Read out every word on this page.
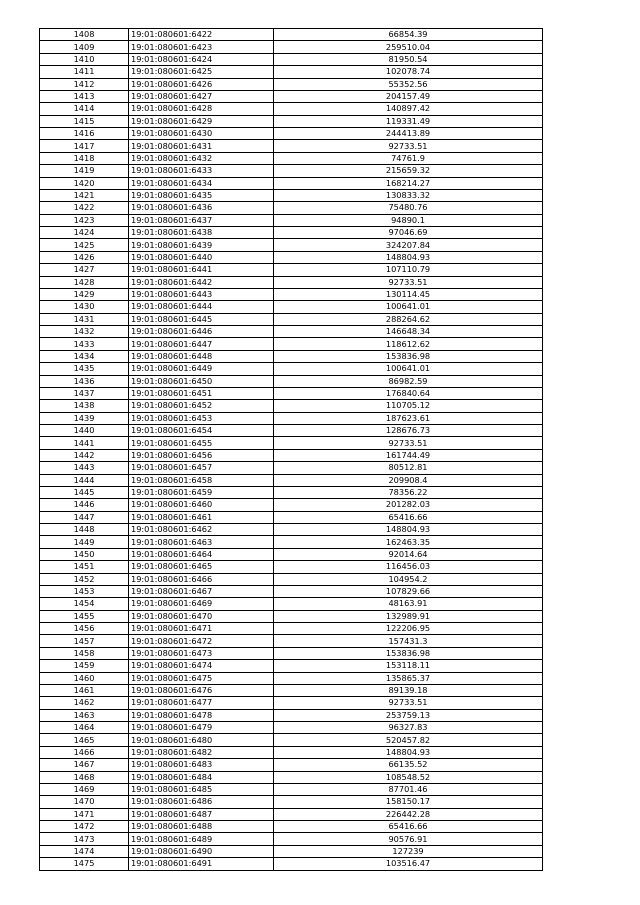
1408	19:01:080601:6422	66854.39
1409	19:01:080601:6423	259510.04
1410	19:01:080601:6424	81950.54
1411	19:01:080601:6425	102078.74
1412	19:01:080601:6426	55352.56
1413	19:01:080601:6427	204157.49
1414	19:01:080601:6428	140897.42
1415	19:01:080601:6429	119331.49
1416	19:01:080601:6430	244413.89
1417	19:01:080601:6431	92733.51
1418	19:01:080601:6432	74761.9
1419	19:01:080601:6433	215659.32
1420	19:01:080601:6434	168214.27
1421	19:01:080601:6435	130833.32
1422	19:01:080601:6436	75480.76
1423	19:01:080601:6437	94890.1
1424	19:01:080601:6438	97046.69
1425	19:01:080601:6439	324207.84
1426	19:01:080601:6440	148804.93
1427	19:01:080601:6441	107110.79
1428	19:01:080601:6442	92733.51
1429	19:01:080601:6443	130114.45
1430	19:01:080601:6444	100641.01
1431	19:01:080601:6445	288264.62
1432	19:01:080601:6446	146648.34
1433	19:01:080601:6447	118612.62
1434	19:01:080601:6448	153836.98
1435	19:01:080601:6449	100641.01
1436	19:01:080601:6450	86982.59
1437	19:01:080601:6451	176840.64
1438	19:01:080601:6452	110705.12
1439	19:01:080601:6453	187623.61
1440	19:01:080601:6454	128676.73
1441	19:01:080601:6455	92733.51
1442	19:01:080601:6456	161744.49
1443	19:01:080601:6457	80512.81
1444	19:01:080601:6458	209908.4
1445	19:01:080601:6459	78356.22
1446	19:01:080601:6460	201282.03
1447	19:01:080601:6461	65416.66
1448	19:01:080601:6462	148804.93
1449	19:01:080601:6463	162463.35
1450	19:01:080601:6464	92014.64
1451	19:01:080601:6465	116456.03
1452	19:01:080601:6466	104954.2
1453	19:01:080601:6467	107829.66
1454	19:01:080601:6469	48163.91
1455	19:01:080601:6470	132989.91
1456	19:01:080601:6471	122206.95
1457	19:01:080601:6472	157431.3
1458	19:01:080601:6473	153836.98
1459	19:01:080601:6474	153118.11
1460	19:01:080601:6475	135865.37
1461	19:01:080601:6476	89139.18
1462	19:01:080601:6477	92733.51
1463	19:01:080601:6478	253759.13
1464	19:01:080601:6479	96327.83
1465	19:01:080601:6480	520457.82
1466	19:01:080601:6482	148804.93
1467	19:01:080601:6483	66135.52
1468	19:01:080601:6484	108548.52
1469	19:01:080601:6485	87701.46
1470	19:01:080601:6486	158150.17
1471	19:01:080601:6487	226442.28
1472	19:01:080601:6488	65416.66
1473	19:01:080601:6489	90576.91
1474	19:01:080601:6490	127239
1475	19:01:080601:6491	103516.47
